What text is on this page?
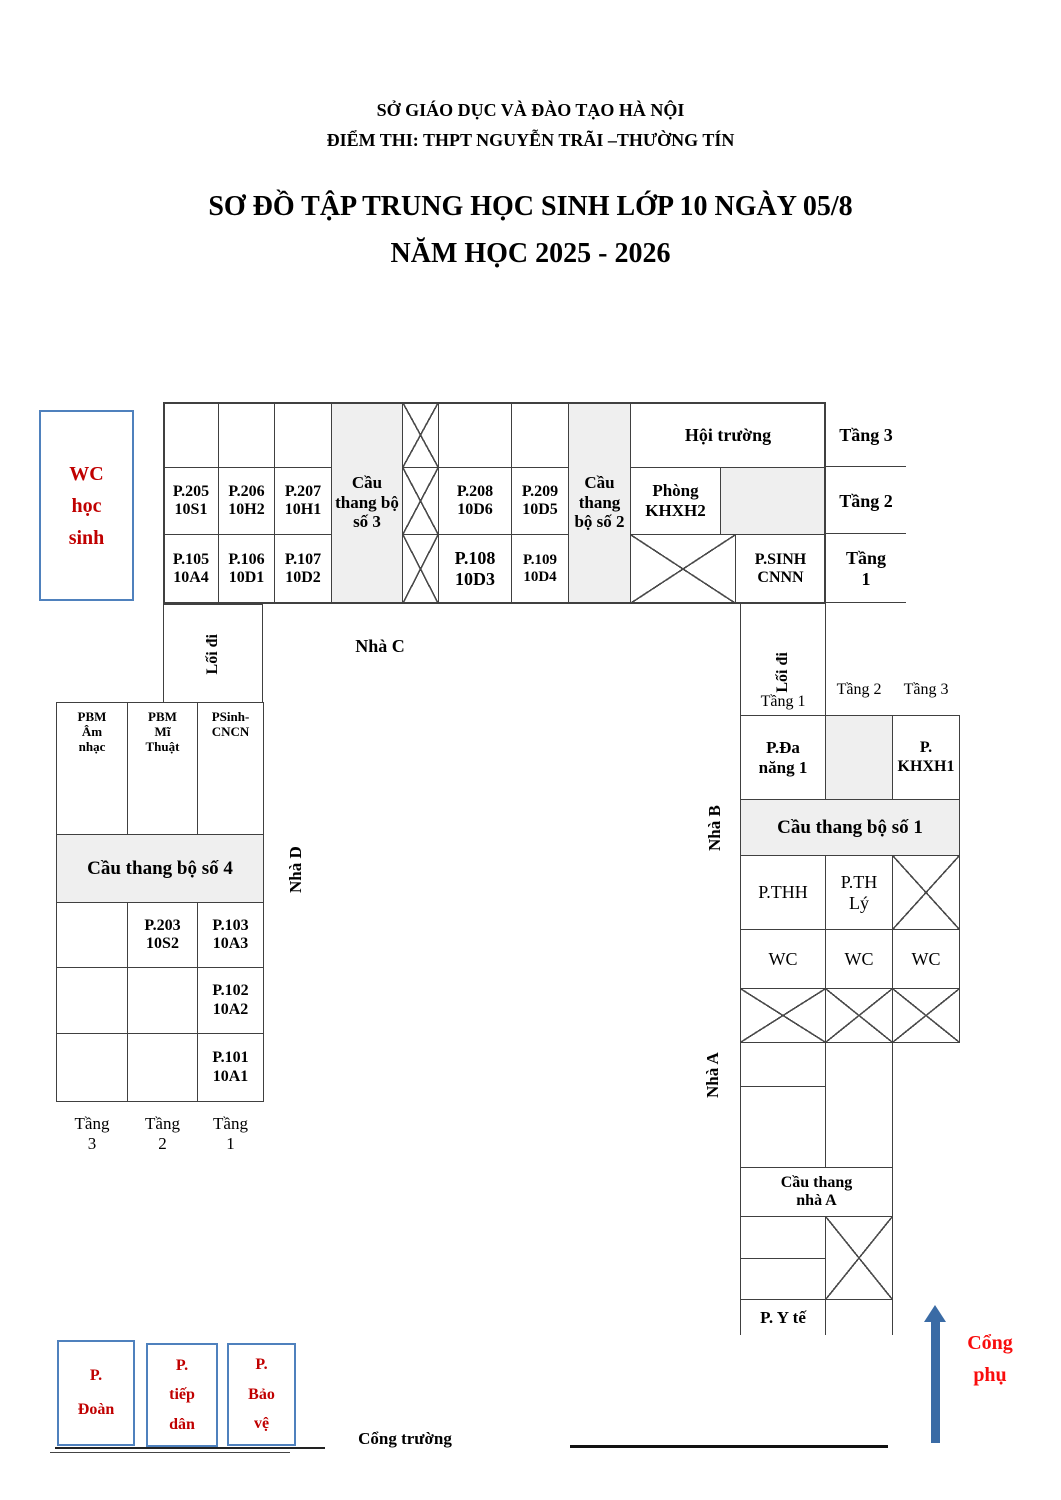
SỞ GIÁO DỤC VÀ ĐÀO TẠO HÀ NỘI
ĐIỂM THI: THPT NGUYỄN TRÃI –THƯỜNG TÍN
SƠ ĐỒ TẬP TRUNG HỌC SINH LỚP 10 NGÀY 05/8
NĂM HỌC 2025 - 2026
WC
học
sinh
Cầu thang bộ số 3
Hội trường
P.205
10S1
P.206
10H2
P.207
10H1
P.208
10D6
P.209
10D5
Cầu thang bộ số 2
Phòng
KHXH2
P.105
10A4
P.106
10D1
P.107
10D2
P.108
10D3
P.109
10D4
P.SINH
CNNN
Tầng 3
Tầng 2
Tầng
1
Lối đi	Nhà C
Lối đi
Tầng 1
Tầng 2 Tầng 3
P.Đa
năng 1
P.
KHXH1
Cầu thang bộ số 1
P.THH
P.TH
Lý
WC	WC WC
Nhà B
Cầu thang
nhà A
P. Y tế
Nhà A
PBM
Âm
nhạc
PBM
Mĩ
Thuật
PSinh-
CNCN
Cầu thang bộ số 4
P.203
10S2
P.103
10A3
P.102
10A2
P.101
10A1
Tầng
3
Tầng
2
Tầng
1
Nhà D
P.
Đoàn
P.
tiếp
dân
P.
Bảo
vệ
Cổng trường
Cổng
phụ
